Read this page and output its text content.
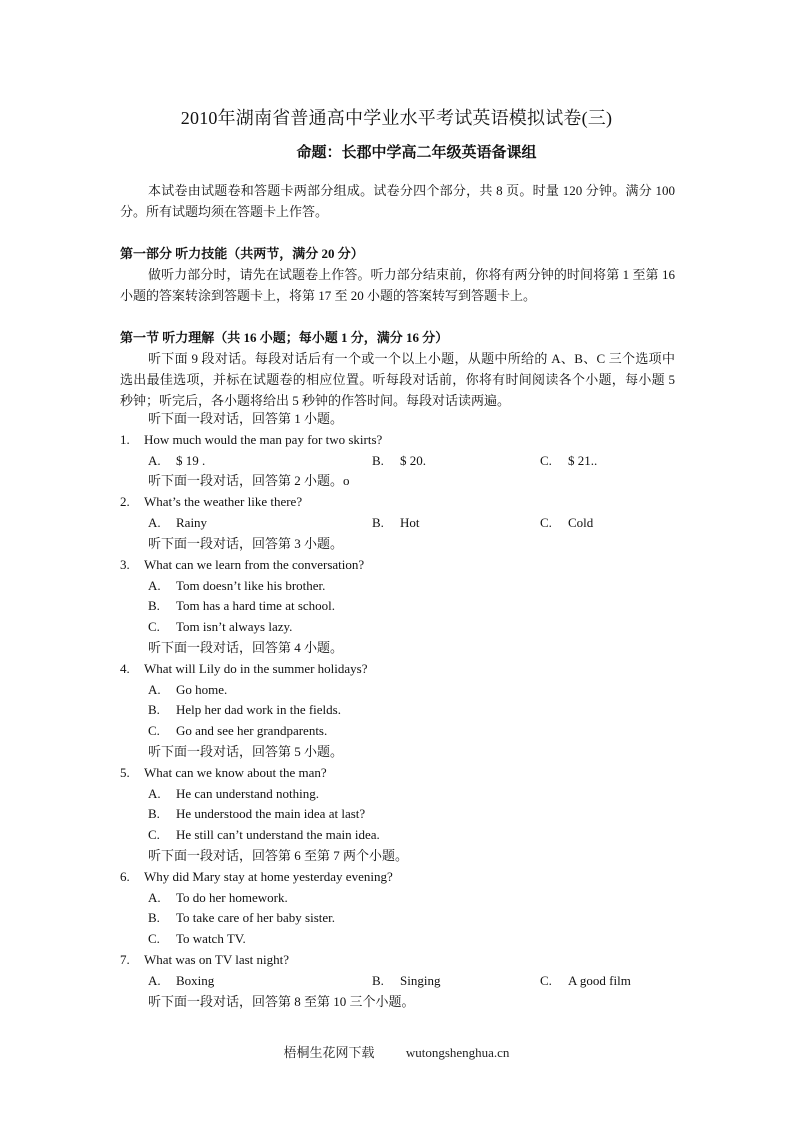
2010年湖南省普通高中学业水平考试英语模拟试卷(三)
命题：长郡中学高二年级英语备课组
本试卷由试题卷和答题卡两部分组成。试卷分四个部分，共 8 页。时量 120 分钟。满分 100 分。所有试题均须在答题卡上作答。
第一部分 听力技能（共两节，满分 20 分）
做听力部分时，请先在试题卷上作答。听力部分结束前，你将有两分钟的时间将第 1 至第 16 小题的答案转涂到答题卡上，将第 17 至 20 小题的答案转写到答题卡上。
第一节 听力理解（共 16 小题；每小题 1 分，满分 16 分）
听下面 9 段对话。每段对话后有一个或一个以上小题，从题中所给的 A、B、C 三个选项中选出最佳选项，并标在试题卷的相应位置。听每段对话前，你将有时间阅读各个小题，每小题 5 秒钟；听完后，各小题将给出 5 秒钟的作答时间。每段对话读两遍。
听下面一段对话，回答第 1 小题。
1. How much would the man pay for two skirts?
A. $ 19 .	B. $ 20.	C. $ 21..
听下面一段对话，回答第 2 小题。o
2. What’s the weather like there?
A. Rainy	B. Hot	C. Cold
听下面一段对话，回答第 3 小题。
3. What can we learn from the conversation?
A. Tom doesn’t like his brother.
B. Tom has a hard time at school.
C. Tom isn’t always lazy.
听下面一段对话，回答第 4 小题。
4. What will Lily do in the summer holidays?
A. Go home.
B. Help her dad work in the fields.
C. Go and see her grandparents.
听下面一段对话，回答第 5 小题。
5. What can we know about the man?
A. He can understand nothing.
B. He understood the main idea at last?
C. He still can’t understand the main idea.
听下面一段对话，回答第 6 至第 7 两个小题。
6. Why did Mary stay at home yesterday evening?
A. To do her homework.
B. To take care of her baby sister.
C. To watch TV.
7. What was on TV last night?
A. Boxing	B. Singing	C. A good film
听下面一段对话，回答第 8 至第 10 三个小题。
梧桐生花网下载 wutongshenghua.cn
